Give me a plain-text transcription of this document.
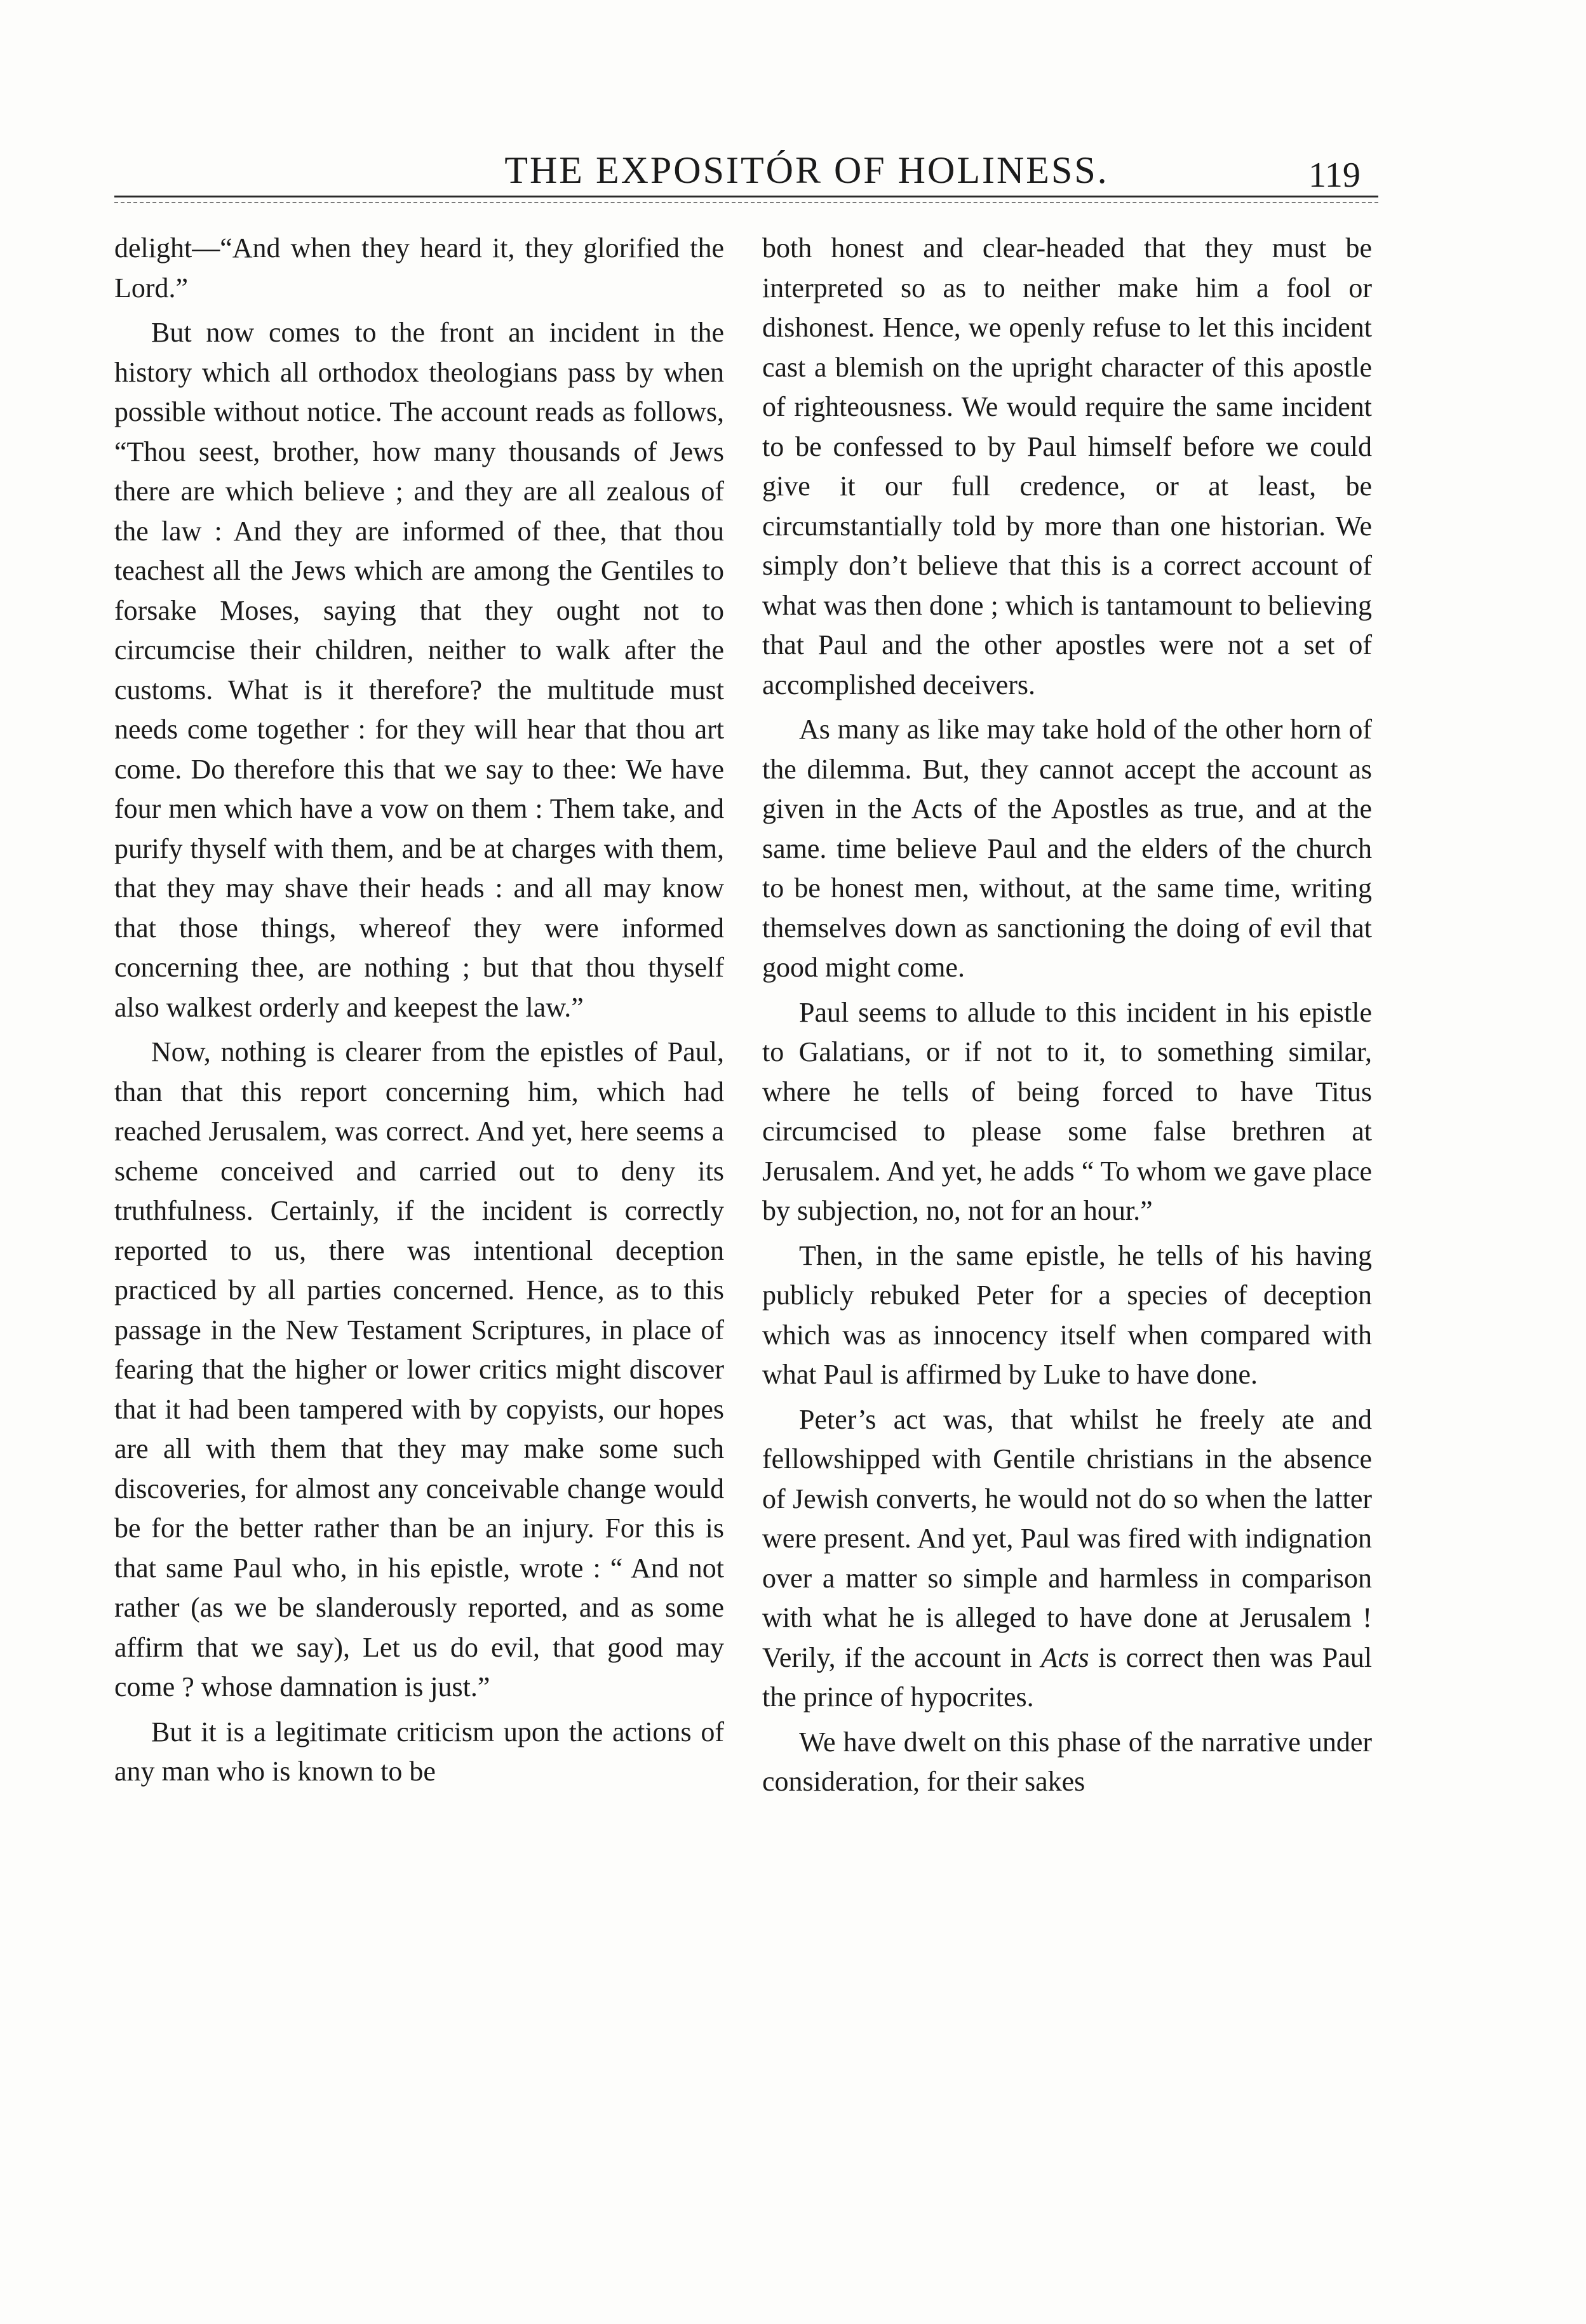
THE EXPOSITÓR OF HOLINESS.	119

delight—“And when they heard it, they glorified the Lord.”

But now comes to the front an incident in the history which all orthodox theologians pass by when possible without notice. The account reads as follows, “Thou seest, brother, how many thousands of Jews there are which believe ; and they are all zealous of the law : And they are informed of thee, that thou teachest all the Jews which are among the Gentiles to forsake Moses, saying that they ought not to circumcise their children, neither to walk after the customs. What is it therefore? the multitude must needs come together : for they will hear that thou art come. Do therefore this that we say to thee: We have four men which have a vow on them : Them take, and purify thyself with them, and be at charges with them, that they may shave their heads : and all may know that those things, whereof they were informed concerning thee, are nothing ; but that thou thyself also walkest orderly and keepest the law.”

Now, nothing is clearer from the epistles of Paul, than that this report concerning him, which had reached Jerusalem, was correct. And yet, here seems a scheme conceived and carried out to deny its truthfulness. Certainly, if the incident is correctly reported to us, there was intentional deception practiced by all parties concerned. Hence, as to this passage in the New Testament Scriptures, in place of fearing that the higher or lower critics might discover that it had been tampered with by copyists, our hopes are all with them that they may make some such discoveries, for almost any conceivable change would be for the better rather than be an injury. For this is that same Paul who, in his epistle, wrote : “ And not rather (as we be slanderously reported, and as some affirm that we say), Let us do evil, that good may come ? whose damnation is just.”

But it is a legitimate criticism upon the actions of any man who is known to be

both honest and clear-headed that they must be interpreted so as to neither make him a fool or dishonest. Hence, we openly refuse to let this incident cast a blemish on the upright character of this apostle of righteousness. We would require the same incident to be confessed to by Paul himself before we could give it our full credence, or at least, be circumstantially told by more than one historian. We simply don’t believe that this is a correct account of what was then done ; which is tantamount to believing that Paul and the other apostles were not a set of accomplished deceivers.

As many as like may take hold of the other horn of the dilemma. But, they cannot accept the account as given in the Acts of the Apostles as true, and at the same. time believe Paul and the elders of the church to be honest men, without, at the same time, writing themselves down as sanctioning the doing of evil that good might come.

Paul seems to allude to this incident in his epistle to Galatians, or if not to it, to something similar, where he tells of being forced to have Titus circumcised to please some false brethren at Jerusalem. And yet, he adds “ To whom we gave place by subjection, no, not for an hour.”

Then, in the same epistle, he tells of his having publicly rebuked Peter for a species of deception which was as innocency itself when compared with what Paul is affirmed by Luke to have done.

Peter’s act was, that whilst he freely ate and fellowshipped with Gentile christians in the absence of Jewish converts, he would not do so when the latter were present. And yet, Paul was fired with indignation over a matter so simple and harmless in comparison with what he is alleged to have done at Jerusalem ! Verily, if the account in Acts is correct then was Paul the prince of hypocrites.

We have dwelt on this phase of the narrative under consideration, for their sakes
